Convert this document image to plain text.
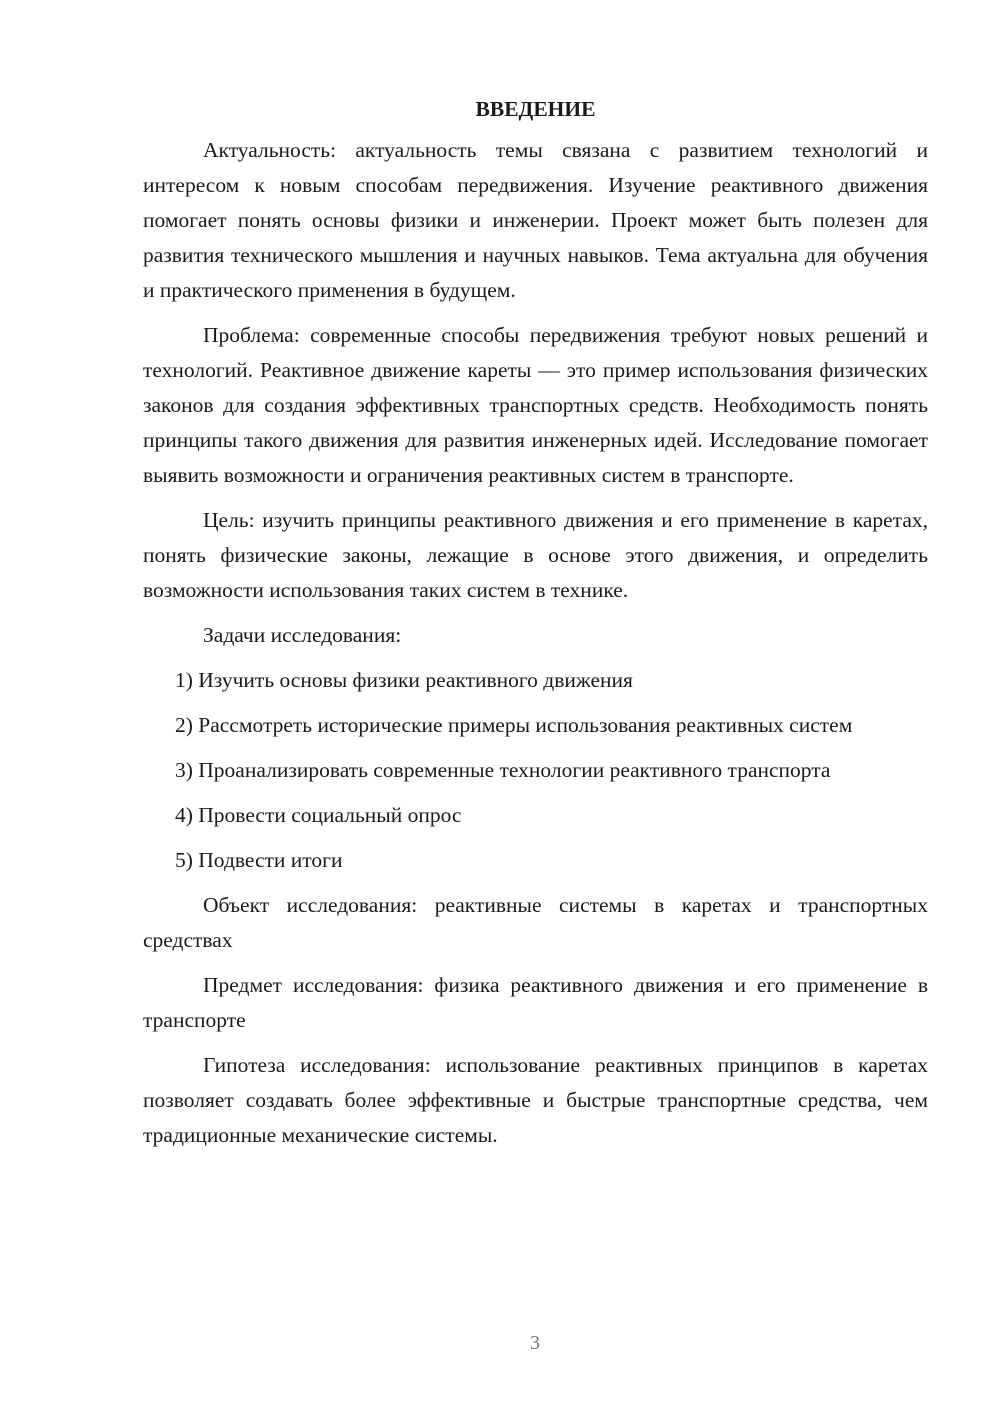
ВВЕДЕНИЕ

Актуальность: актуальность темы связана с развитием технологий и интересом к новым способам передвижения. Изучение реактивного движения помогает понять основы физики и инженерии. Проект может быть полезен для развития технического мышления и научных навыков. Тема актуальна для обучения и практического применения в будущем.

Проблема: современные способы передвижения требуют новых решений и технологий. Реактивное движение кареты — это пример использования физических законов для создания эффективных транспортных средств. Необходимость понять принципы такого движения для развития инженерных идей. Исследование помогает выявить возможности и ограничения реактивных систем в транспорте.

Цель: изучить принципы реактивного движения и его применение в каретах, понять физические законы, лежащие в основе этого движения, и определить возможности использования таких систем в технике.

Задачи исследования:

1) Изучить основы физики реактивного движения

2) Рассмотреть исторические примеры использования реактивных систем

3) Проанализировать современные технологии реактивного транспорта

4) Провести социальный опрос

5) Подвести итоги

Объект исследования: реактивные системы в каретах и транспортных средствах

Предмет исследования: физика реактивного движения и его применение в транспорте

Гипотеза исследования: использование реактивных принципов в каретах позволяет создавать более эффективные и быстрые транспортные средства, чем традиционные механические системы.

3
